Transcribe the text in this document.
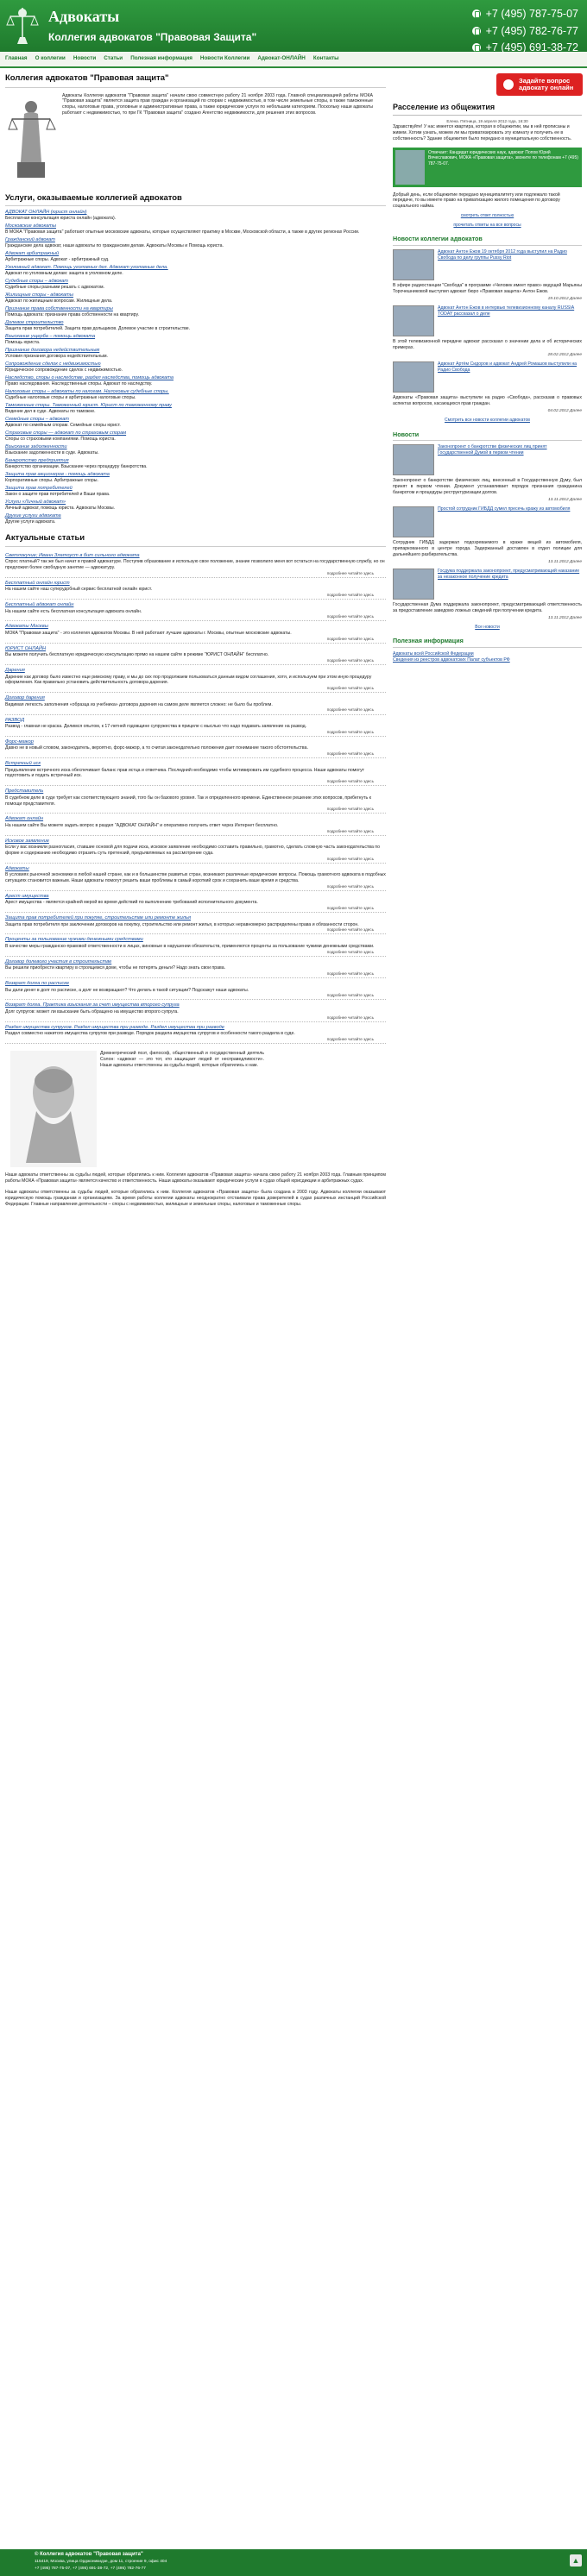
Адвокаты
Коллегия адвокатов "Правовая Защита"
+7 (495) 787-75-07
+7 (495) 782-76-77
+7 (495) 691-38-72
Главная О коллегии Новости Статьи Полезная информация Новости Коллегии Адвокат-ОНЛАЙН Контакты
Коллегия адвокатов "Правовая защита"

Адвокаты Коллегии адвокатов "Правовая защита" начали свою совместную работу 21 ноября 2003 года. Главной специализацией работы МОКА "Правовая защита" является защита прав граждан и организаций по спорам с недвижимостью, в том числе земельные споры, в также таможенные споры, налоговые права, уголовные и административные права, а также юридические услуги по небольшим категориям. Поскольку наши адвокаты работают с недвижимостью, то при ГК "Правовая защита" создано Агентство недвижимости, для решения этих вопросов.

Услуги, оказываемые коллегией адвокатов
АДВОКАТ ОНЛАЙН (юрист онлайн)
Бесплатная консультация юриста онлайн (адвоката).
Московские адвокаты
В МОКА "Правовая защита" работают опытные московские адвокаты, которые осуществляют практику в Москве, Московской области, а также в других регионах России.
Гражданский адвокат
Гражданские дела адвокат, наши адвокаты по гражданским делам. Адвокаты Москвы и Помощь юриста.
Адвокат арбитражный
Арбитражные споры. Адвокат - арбитражный суд.
Уголовный адвокат. Помощь уголовных дел. Адвокат уголовные дела.
Адвокат по уголовным делам: защита в уголовном деле.
Судебные споры – адвокат
Судебные споры разными решать с адвокатом.
Жилищные споры - адвокаты
Адвокат по жилищным вопросам. Жилищные дела.
Признание права собственности на квартиры
Помощь адвоката: признание права собственности на квартиру.
Долевое строительство
Защита прав потребителей. Защита прав дольщиков. Долевое участие в строительстве.
Взыскание ущерба – помощь адвоката
Помощь юриста.
Признание договора недействительным
Условия признания договора недействительным.
Сопровождение сделок с недвижимостью
Юридическое сопровождение сделок с недвижимостью.
Наследство, споры о наследстве, раздел наследства, помощь адвоката
Право наследования. Наследственные споры. Адвокат по наследству.
Налоговые споры – адвокаты по налогам. Налоговые судебные споры.
Судебные налоговые споры и арбитражные налоговые споры.
Таможенные споры. Таможенный юрист. Юрист по таможенному праву
Ведение дел в суде. Адвокаты по таможне.
Семейные споры – адвокат
Адвокат по семейным спорам. Семейные споры юрист.
Страховые споры — адвокат по страховым спорам
Споры со страховыми компаниями. Помощь юриста.
Взыскание задолженности
Взыскание задолженности в суде. Адвокаты.
Банкротство предприятия
Банкротство организации. Взыскание через процедуру банкротства.
Защита прав акционеров - помощь адвоката
Корпоративные споры. Арбитражные споры.
Защита прав потребителей
Закон о защите прав потребителей и Ваши права.
Услуги «Личный адвокат»
Личный адвокат, помощь юриста. Адвокаты Москвы.
Другие услуги адвоката
Другие услуги адвоката.
Актуальные статьи
Светлокучие; Иванн Златоуст в бит сильного адвоката

Спрос платный? так же был начат в правой адвокатуре. Поступив образование и использую свое положение, знание позволило меня вот остаться на государственную службу, но он предложил более свободную занятие — адвокатуру.

подробнее читайте здесь
Бесплатный онлайн юрист

На нашем сайте наш суперудобный сервис бесплатной онлайн юрист.

подробнее читайте здесь
Бесплатный адвокат онлайн

На нашем сайте есть бесплатная консультация адвоката онлайн.

подробнее читайте здесь
Адвокаты Москвы

МОКА "Правовая защита" - это коллегия адвокатов Москвы. В ней работают лучшие адвокаты г. Москвы, опытные московские адвокаты.

подробнее читайте здесь
ЮРИСТ ОНЛАЙН

Вы можете получить бесплатную юридическую консультацию прямо на нашем сайте в режиме "ЮРИСТ ОНЛАЙН" бесплатно.

подробнее читайте здесь
Дарения

Дарение как договор было известно еще римскому праву, и мы до сих пор продолжаем пользоваться данным видом соглашения, хотя, и используем при этом иную процедуру оформления. Как правильно установить действительность договора дарения.

подробнее читайте здесь
Договор дарения

Видимая легкость заполнения «образца из учебника» договора дарения на самом деле является сложно: не было бы проблем.

подробнее читайте здесь
РАЗВОД

Развод - главная не краска. Делимся опытом, к 17-летней годовщине супружества в прицеле с мыслью что надо подавать заявление на развод.

подробнее читайте здесь
Форс-мажор

Давно не в новый словом, законодатель, вероятно, форс-мажор, а то считая законодательно положения дает понимание такого обстоятельства.

подробнее читайте здесь
Встречный иск

Предъявление встречного иска обеспечивает баланс прав истца и ответчика. Последний необходимо чтобы мотивировать им судебного процесса. Наши адвокаты помогут подготовить и подать встречный иск.

подробнее читайте здесь
Представитель

В судебном деле в суде требует как соответствующего знаний, того бы он базового уровня. Так и определенного времени. Единственное решение этих вопросов, прибегнуть к помощи представителя.

подробнее читайте здесь
Адвокат онлайн

На нашем сайте Вы можете задать вопрос в раздел "АДВОКАТ ОНЛАЙН" и оперативно получить ответ через Интернет бесплатно.

подробнее читайте здесь
Исковое заявление

Если у вас возникли разногласия, ставшие основой для подачи иска, исковое заявление необходимо составить правильно, грамотно, сделать сложную часть законодательства по форме и содержанию необходимо отразить суть претензий, предъявляемых на рассмотрение суда.

подробнее читайте здесь
Адвокаты

В условиях рыночной экономики в любой нашей стране, как и в большинстве развитых стран, возникают различные юридические вопросы. Помощь грамотного адвоката в подобных ситуациях становится важным. Наши адвокаты помогут решить ваши проблемы в самый короткий срок и сохранить ваше время и средства.

подробнее читайте здесь
Арест имущества

Арест имущества - является крайней мерой во время действий по выполнению требований исполнительного документа.

подробнее читайте здесь
Защита прав потребителей при покупке, строительстве или ремонте жилья

Защита прав потребителя при заключении договоров на покупку, строительство или ремонт жилья, в которых неравномерно распределены права и обязанности сторон.

подробнее читайте здесь
Проценты за пользование чужими денежными средствами

В качестве меры гражданско-правовой ответственности в лицах, виновные в нарушении обязательств, применяются проценты за пользование чужими денежными средствами.

подробнее читайте здесь
Договор долевого участия в строительстве

Вы решили приобрести квартиру в строящемся доме, чтобы не потерять деньги? Надо знать свои права.

подробнее читайте здесь
Возврат долга по расписке

Вы дали денег в долг по расписке, а долг не возвращают? Что делать в такой ситуации? Подскажут наши адвокаты.

подробнее читайте здесь
Возврат долга. Практика взыскания за счет имущества второго супруга

Долг супругов: может ли взыскание быть обращено на имущество второго супруга.

подробнее читайте здесь
Раздел имущества супругов. Раздел имущества при разводе. Раздел имущества при разводе

Раздел совместно нажитого имущества супругов при разводе. Порядок раздела имущества супругов и особенности такого раздела в суде.

подробнее читайте здесь

Древнегреческий поэт, философ, общественный и государственный деятель Солон: «адвокат — это тот, кто защищает людей от несправедливости». Наши адвокаты ответственны за судьбы людей, которые обратились к нам.

Наши адвокаты ответственны за судьбы людей, которые обратились к ним. Коллегия адвокатов «Правовая защита» начала свою работу 21 ноября 2003 года. Главным принципом работы МОКА «Правовая защита» является качество и ответственность. Наши адвокаты оказывают юридические услуги в судах общей юрисдикции и арбитражных судах.

Наши адвокаты ответственны за судьбы людей, которые обратились к ним. Коллегия адвокатов «Правовая защита» была создана в 2003 году. Адвокаты коллегии оказывают юридическую помощь гражданам и организациям. За время работы коллегии адвокаты неоднократно отстаивали права доверителей в судах различных инстанций Российской Федерации. Главные направления деятельности – споры с недвижимостью, жилищные и земельные споры, налоговые и таможенные споры.

Задайте вопрос адвокату онлайн
Расселение из общежития
Елена. Пятница, 19 апреля 2012 года, 16:30

Здравствуйте! У нас имеется квартира, которая в общежитии, мы в ней прописаны и живем. Хотим узнать, можем ли мы приватизировать эту комнату и получить ее в собственность? Здание общежития было передано в муниципальную собственность.

Отвечает: Кандидат юридических наук, адвокат Попов Юрий Вячеславович, МОКА «Правовая защита», звоните по телефонам +7 (495) 787-75-07.

Добрый день, если общежитие передано муниципалитету или подлежало такой передаче, то вы имеете право на приватизацию жилого помещения по договору социального найма.

смотреть ответ полностью
прочитать ответы на все вопросы
Новости коллегии адвокатов
Адвокат Антон Ежов 19 октября 2012 года выступил на Радио Свобода по делу группы Pussy Riot

В эфире радиостанции "Свобода" в программе «Человек имеет право» ведущей Марьяны Торочешниковой выступил адвокат бюро «Правовая защита» Антон Ежов.

19.10.2012 Далее
Адвокат Антон Ежов в интервью телевизионному каналу RUSSIA TODAY рассказал о деле

В этой телевизионной передаче адвокат рассказал о значении дела и об исторических примерах.

28.02.2012 Далее
Адвокат Артём Сидоров и адвокат Андрей Ромашов выступили на Радио Свобода

Адвокаты «Правовая защита» выступили на радио «Свобода», рассказав о правовых аспектах вопросов, касающихся прав граждан.

04.02.2012 Далее
Смотреть все новости коллегии адвокатов
Новости
Законопроект о банкротстве физических лиц принят Государственной Думой в первом чтении

Законопроект о банкротстве физических лиц, внесенный в Государственную Думу, был принят в первом чтении. Документ устанавливает порядок признания гражданина банкротом и процедуры реструктуризации долгов.

13.11.2012 Далее
Простой сотрудник ГИБДД сумел пресечь кражу из автомобиля

Сотрудник ГИБДД задержал подозреваемого в краже вещей из автомобиля, припаркованного в центре города. Задержанный доставлен в отдел полиции для дальнейшего разбирательства.

13.11.2012 Далее
Госдума поддержала законопроект, предусматривающий наказание за незаконное получение кредита

Государственная Дума поддержала законопроект, предусматривающий ответственность за предоставление заведомо ложных сведений при получении кредита.

13.11.2012 Далее
Все новости
Полезная информация
Адвокаты всей Российской Федерации
Сведения из реестров адвокатских Палат субъектов РФ
© Коллегия адвокатов "Правовая защита"
115419, Москва, улица Орджоникидзе, дом 11, строение 9, офис 404
+7 (495) 787-75-07, +7 (495) 691-38-72, +7 (495) 782-76-77
▲
